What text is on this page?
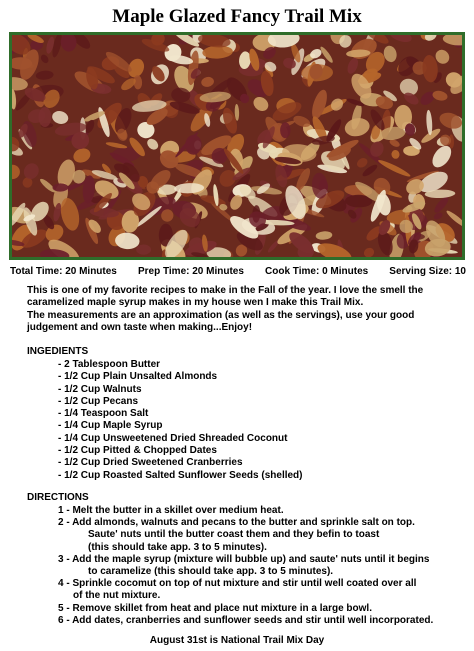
Maple Glazed Fancy Trail Mix
Total Time: 20 Minutes Prep Time: 20 Minutes Cook Time: 0 Minutes Serving Size: 10

This is one of my favorite recipes to make in the Fall of the year. I love the smell the caramelized maple syrup makes in my house wen I make this Trail Mix.

The measurements are an approximation (as well as the servings), use your good judgement and own taste when making...Enjoy!

INGEDIENTS
- 2 Tablespoon Butter
- 1/2 Cup Plain Unsalted Almonds
- 1/2 Cup Walnuts
- 1/2 Cup Pecans
- 1/4 Teaspoon Salt
- 1/4 Cup Maple Syrup
- 1/4 Cup Unsweetened Dried Shreaded Coconut
- 1/2 Cup Pitted & Chopped Dates
- 1/2 Cup Dried Sweetened Cranberries
- 1/2 Cup Roasted Salted Sunflower Seeds (shelled)
DIRECTIONS
1 - Melt the butter in a skillet over medium heat.
2 - Add almonds, walnuts and pecans to the butter and sprinkle salt on top.
Saute' nuts until the butter coast them and they befin to toast
(this should take app. 3 to 5 minutes).
3 - Add the maple syrup (mixture will bubble up) and saute' nuts until it begins
to caramelize (this should take app. 3 to 5 minutes).
4 - Sprinkle cocomut on top of nut mixture and stir until well coated over all
of the nut mixture.
5 - Remove skillet from heat and place nut mixture in a large bowl.
6 - Add dates, cranberries and sunflower seeds and stir until well incorporated.
August 31st is National Trail Mix Day
